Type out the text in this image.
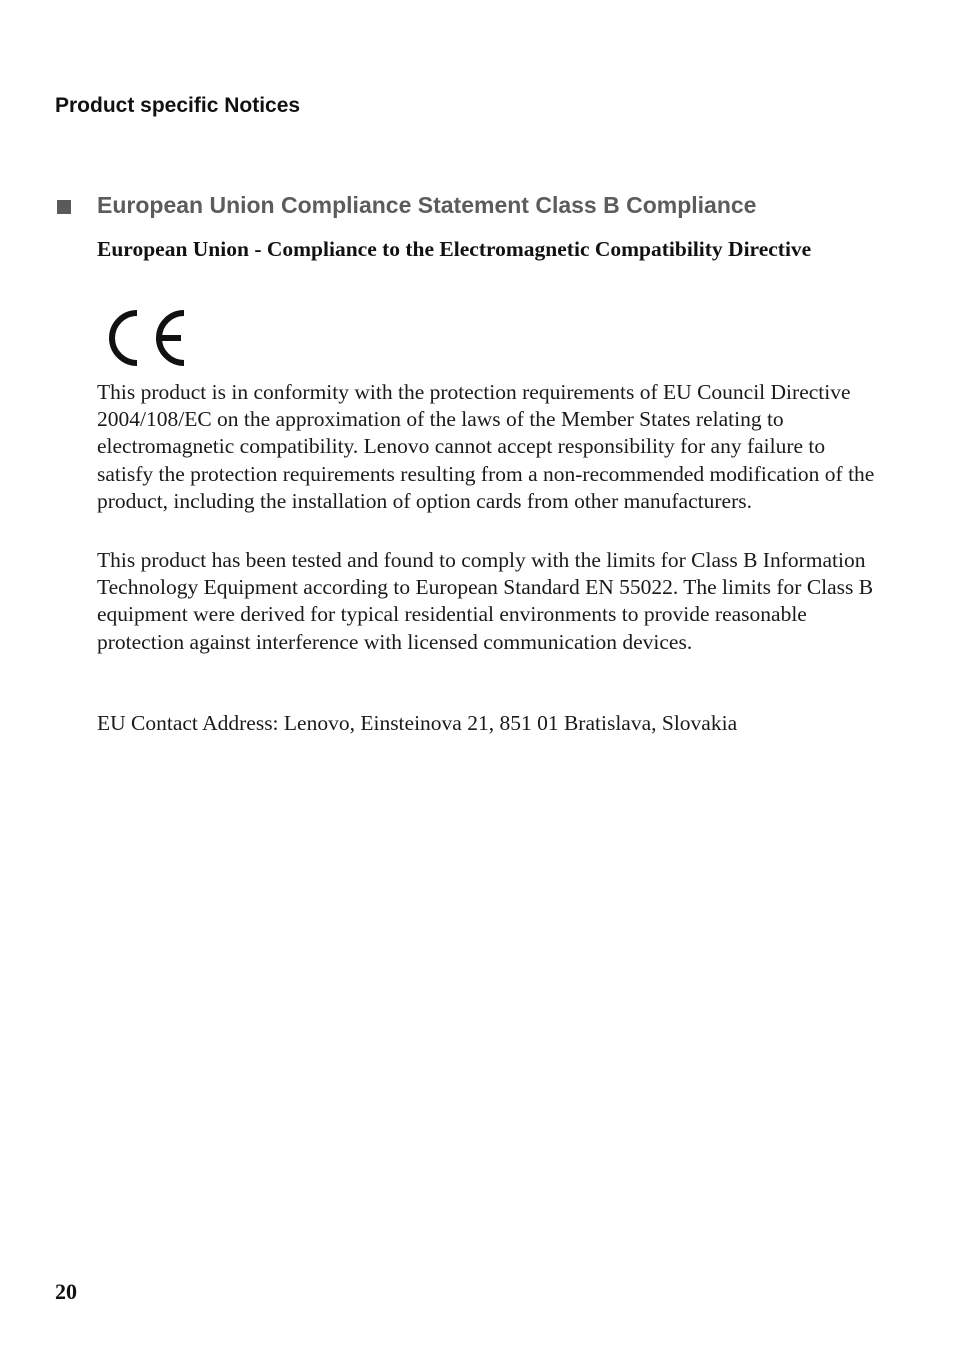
Product specific Notices
European Union Compliance Statement Class B Compliance
European Union - Compliance to the Electromagnetic Compatibility Directive

This product is in conformity with the protection requirements of EU Council Directive 2004/108/EC on the approximation of the laws of the Member States relating to electromagnetic compatibility. Lenovo cannot accept responsibility for any failure to satisfy the protection requirements resulting from a non-recommended modification of the product, including the installation of option cards from other manufacturers.

This product has been tested and found to comply with the limits for Class B Information Technology Equipment according to European Standard EN 55022. The limits for Class B equipment were derived for typical residential environments to provide reasonable protection against interference with licensed communication devices.

EU Contact Address: Lenovo, Einsteinova 21, 851 01 Bratislava, Slovakia

20
